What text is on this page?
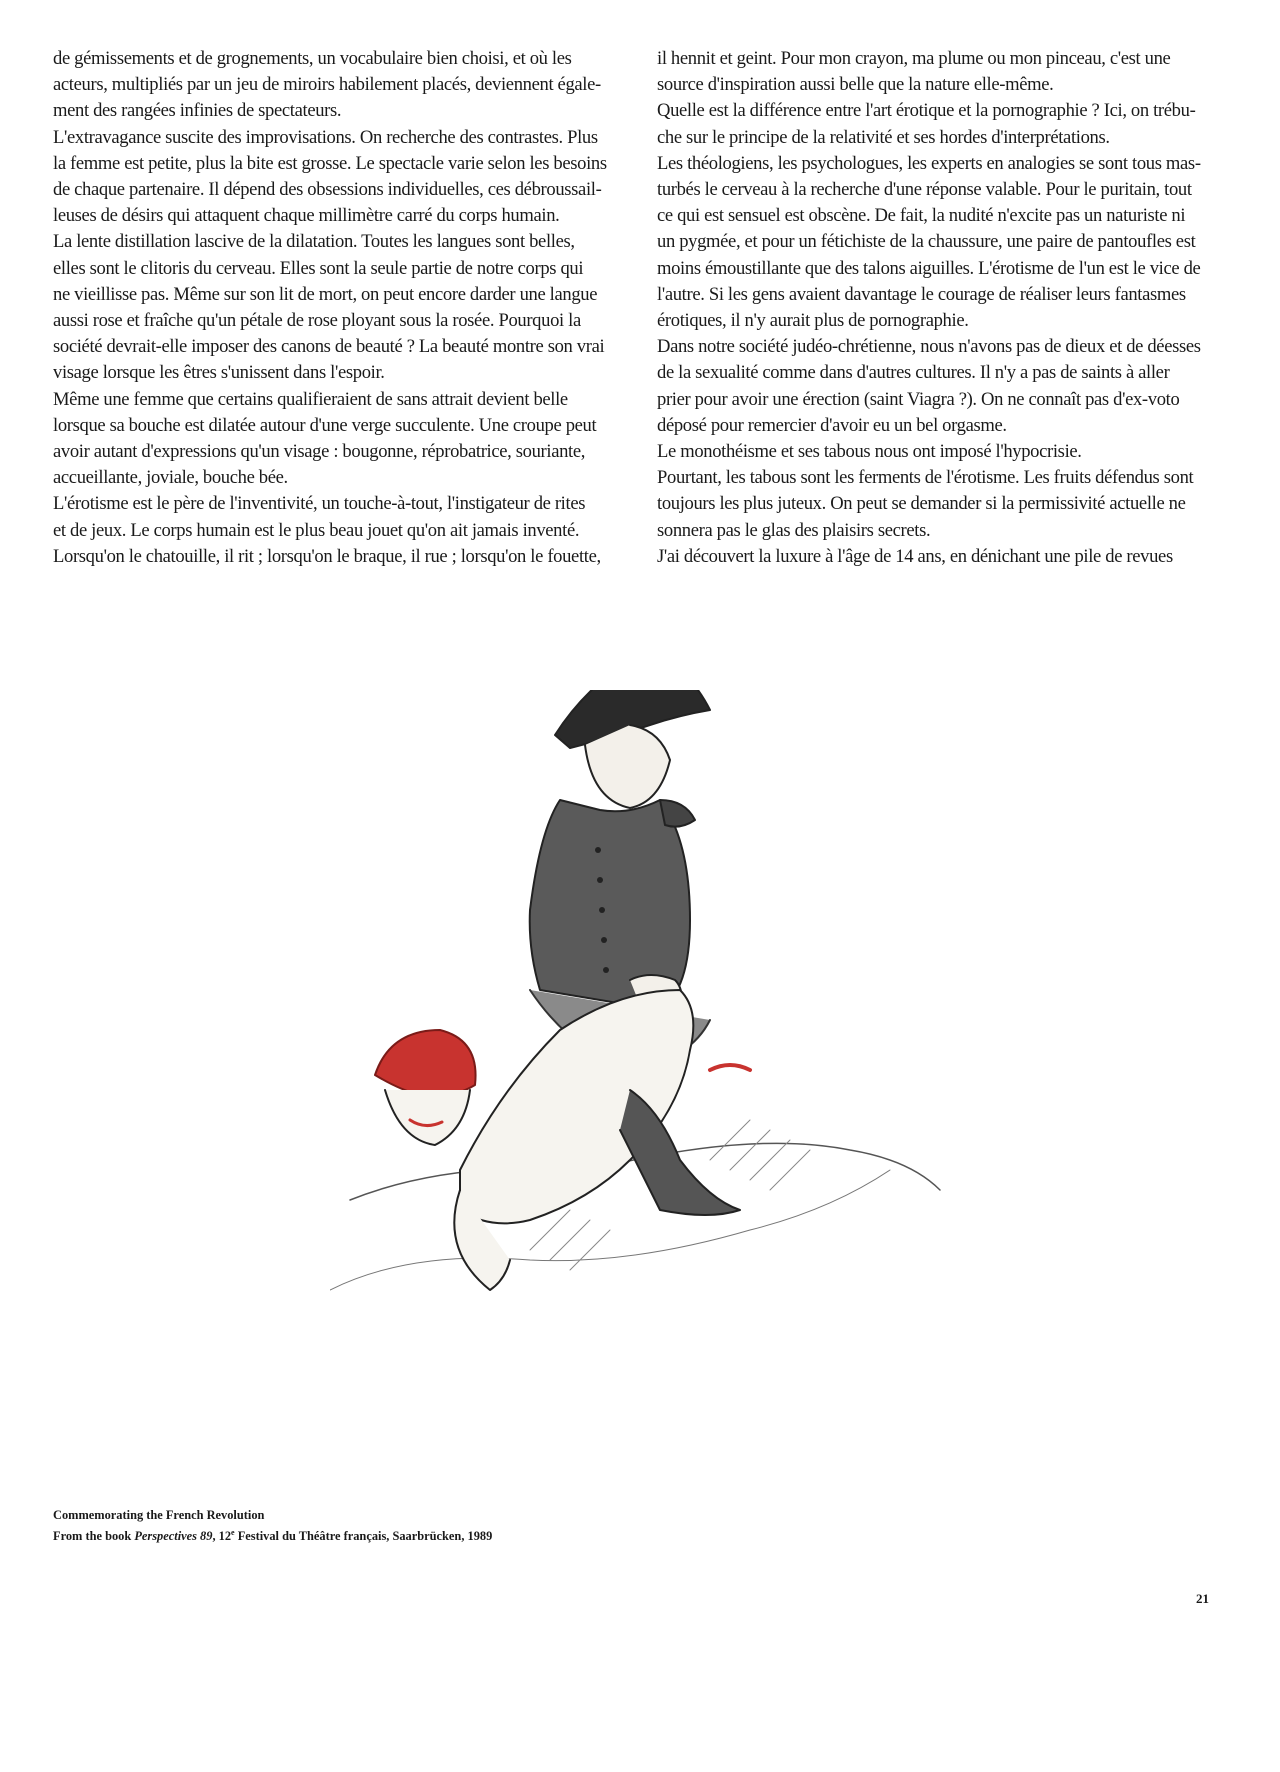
de gémissements et de grognements, un vocabulaire bien choisi, et où les
acteurs, multipliés par un jeu de miroirs habilement placés, deviennent égale-
ment des rangées infinies de spectateurs.
L'extravagance suscite des improvisations. On recherche des contrastes. Plus
la femme est petite, plus la bite est grosse. Le spectacle varie selon les besoins
de chaque partenaire. Il dépend des obsessions individuelles, ces débroussail-
leuses de désirs qui attaquent chaque millimètre carré du corps humain.
La lente distillation lascive de la dilatation. Toutes les langues sont belles,
elles sont le clitoris du cerveau. Elles sont la seule partie de notre corps qui
ne vieillisse pas. Même sur son lit de mort, on peut encore darder une langue
aussi rose et fraîche qu'un pétale de rose ployant sous la rosée. Pourquoi la
société devrait-elle imposer des canons de beauté ? La beauté montre son vrai
visage lorsque les êtres s'unissent dans l'espoir.
Même une femme que certains qualifieraient de sans attrait devient belle
lorsque sa bouche est dilatée autour d'une verge succulente. Une croupe peut
avoir autant d'expressions qu'un visage : bougonne, réprobatrice, souriante,
accueillante, joviale, bouche bée.
L'érotisme est le père de l'inventivité, un touche-à-tout, l'instigateur de rites
et de jeux. Le corps humain est le plus beau jouet qu'on ait jamais inventé.
Lorsqu'on le chatouille, il rit ; lorsqu'on le braque, il rue ; lorsqu'on le fouette,
il hennit et geint. Pour mon crayon, ma plume ou mon pinceau, c'est une
source d'inspiration aussi belle que la nature elle-même.
Quelle est la différence entre l'art érotique et la pornographie ? Ici, on trébu-
che sur le principe de la relativité et ses hordes d'interprétations.
Les théologiens, les psychologues, les experts en analogies se sont tous mas-
turbés le cerveau à la recherche d'une réponse valable. Pour le puritain, tout
ce qui est sensuel est obscène. De fait, la nudité n'excite pas un naturiste ni
un pygmée, et pour un fétichiste de la chaussure, une paire de pantoufles est
moins émoustillante que des talons aiguilles. L'érotisme de l'un est le vice de
l'autre. Si les gens avaient davantage le courage de réaliser leurs fantasmes
érotiques, il n'y aurait plus de pornographie.
Dans notre société judéo-chrétienne, nous n'avons pas de dieux et de déesses
de la sexualité comme dans d'autres cultures. Il n'y a pas de saints à aller
prier pour avoir une érection (saint Viagra ?). On ne connaît pas d'ex-voto
déposé pour remercier d'avoir eu un bel orgasme.
Le monothéisme et ses tabous nous ont imposé l'hypocrisie.
Pourtant, les tabous sont les ferments de l'érotisme. Les fruits défendus sont
toujours les plus juteux. On peut se demander si la permissivité actuelle ne
sonnera pas le glas des plaisirs secrets.
J'ai découvert la luxure à l'âge de 14 ans, en dénichant une pile de revues
Commemorating the French Revolution
From the book Perspectives 89, 12e Festival du Théâtre français, Saarbrücken, 1989
21
